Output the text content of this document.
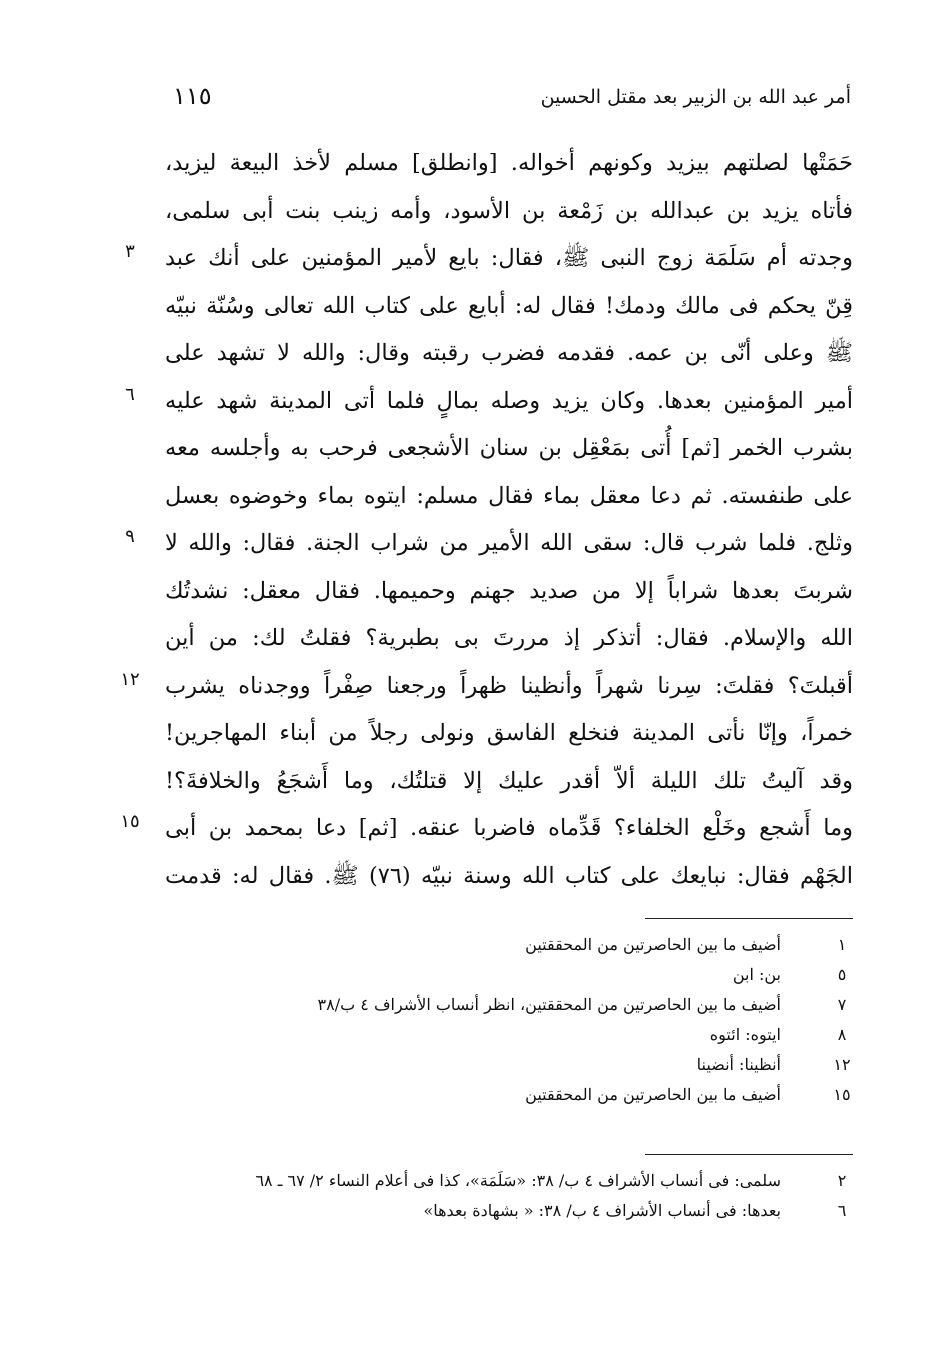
أمر عبد الله بن الزبير بعد مقتل الحسين
١١٥
حَمَتْها لصلتهم بيزيد وكونهم أخواله. [وانطلق] مسلم لأخذ البيعة ليزيد،
فأتاه يزيد بن عبدالله بن زَمْعة بن الأسود، وأمه زينب بنت أبى سلمى،
وجدته أم سَلَمَة زوج النبى ﷺ، فقال: بايع لأمير المؤمنين على أنك عبد
قِنّ يحكم فى مالك ودمك! فقال له: أبايع على كتاب الله تعالى وسُنّة نبيّه
ﷺ وعلى أنّى بن عمه. فقدمه فضرب رقبته وقال: والله لا تشهد على
أمير المؤمنين بعدها. وكان يزيد وصله بمالٍ فلما أتى المدينة شهد عليه
بشرب الخمر [ثم] أُتى بمَعْقِل بن سنان الأشجعى فرحب به وأجلسه معه
على طنفسته. ثم دعا معقل بماء فقال مسلم: ايتوه بماء وخوضوه بعسل
وثلج. فلما شرب قال: سقى الله الأمير من شراب الجنة. فقال: والله لا
شربتَ بعدها شراباً إلا من صديد جهنم وحميمها. فقال معقل: نشدتُك
الله والإسلام. فقال: أتذكر إذ مررتَ بى بطبرية؟ فقلتُ لك: من أين
أقبلتَ؟ فقلتَ: سِرنا شهراً وأنظينا ظهراً ورجعنا صِفْراً ووجدناه يشرب
خمراً، وإنّا نأتى المدينة فنخلع الفاسق ونولى رجلاً من أبناء المهاجرين!
وقد آليتُ تلك الليلة ألاّ أقدر عليك إلا قتلتُك، وما أَشجَعُ والخلافةَ؟!
وما أَشجع وخَلْع الخلفاء؟ قَدِّماه فاضربا عنقه. [ثم] دعا بمحمد بن أبى
الجَهْم فقال: نبايعك على كتاب الله وسنة نبيّه (٧٦) ﷺ. فقال له: قدمت
٣
٦
٩
١٢
١٥
١
أضيف ما بين الحاصرتين من المحققتين
٥
بن: ابن
٧
أضيف ما بين الحاصرتين من المحققتين، انظر أنساب الأشراف ٤ ب/٣٨
٨
ايتوه: ائتوه
١٢
أنظينا: أنضينا
١٥
أضيف ما بين الحاصرتين من المحققتين
٢
سلمى: فى أنساب الأشراف ٤ ب/ ٣٨: «سَلَمَة»، كذا فى أعلام النساء ٢/ ٦٧ ـ ٦٨
٦
بعدها: فى أنساب الأشراف ٤ ب/ ٣٨: « بشهادة بعدها»
